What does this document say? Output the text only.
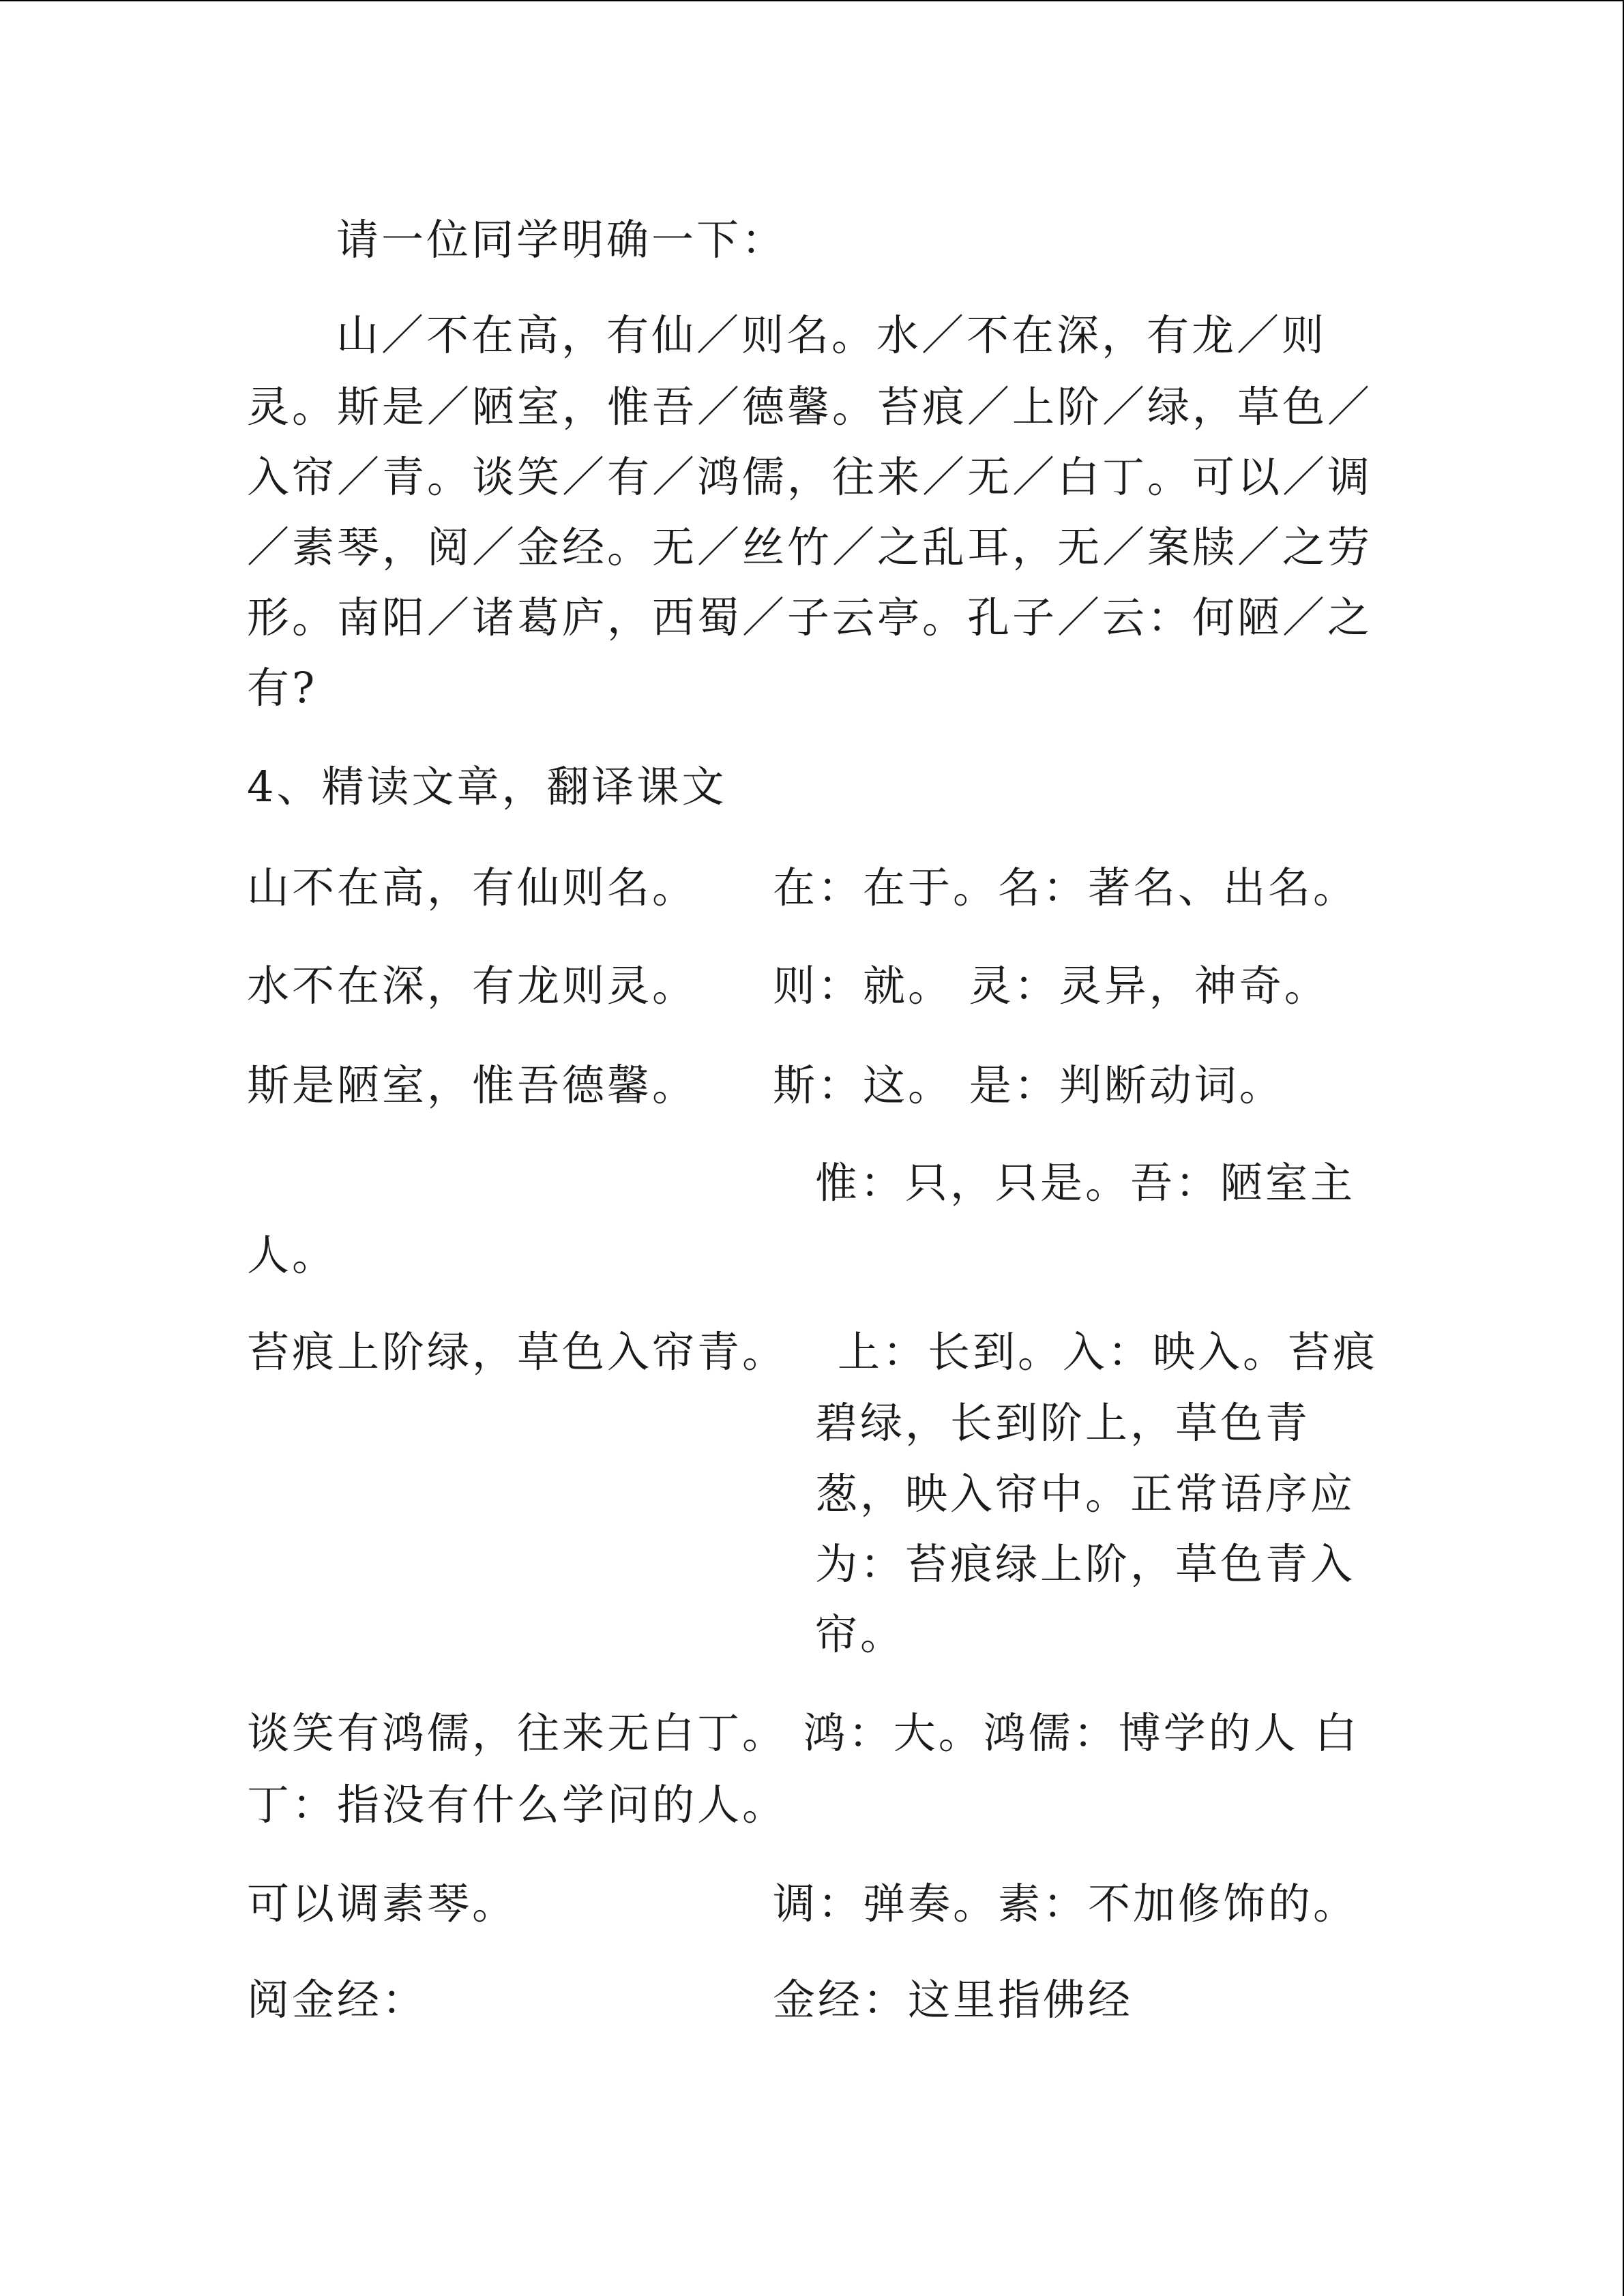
请一位同学明确一下：
山／不在高，有仙／则名。水／不在深，有龙／则
灵。斯是／陋室，惟吾／德馨。苔痕／上阶／绿，草色／
入帘／青。谈笑／有／鸿儒，往来／无／白丁。可以／调
／素琴，阅／金经。无／丝竹／之乱耳，无／案牍／之劳
形。南阳／诸葛庐，西蜀／子云亭。孔子／云：何陋／之
有?
4、精读文章，翻译课文
山不在高，有仙则名。 在：在于。名：著名、出名。
水不在深，有龙则灵。 则：就。 灵：灵异，神奇。
斯是陋室，惟吾德馨。 斯：这。 是：判断动词。
惟：只，只是。吾：陋室主
人。
苔痕上阶绿，草色入帘青。 上：长到。入：映入。苔痕
碧绿，长到阶上，草色青
葱，映入帘中。正常语序应
为：苔痕绿上阶，草色青入
帘。
谈笑有鸿儒，往来无白丁。 鸿：大。鸿儒：博学的人 白
丁：指没有什么学问的人。
可以调素琴。	调：弹奏。素：不加修饰的。
阅金经：	金经：这里指佛经
